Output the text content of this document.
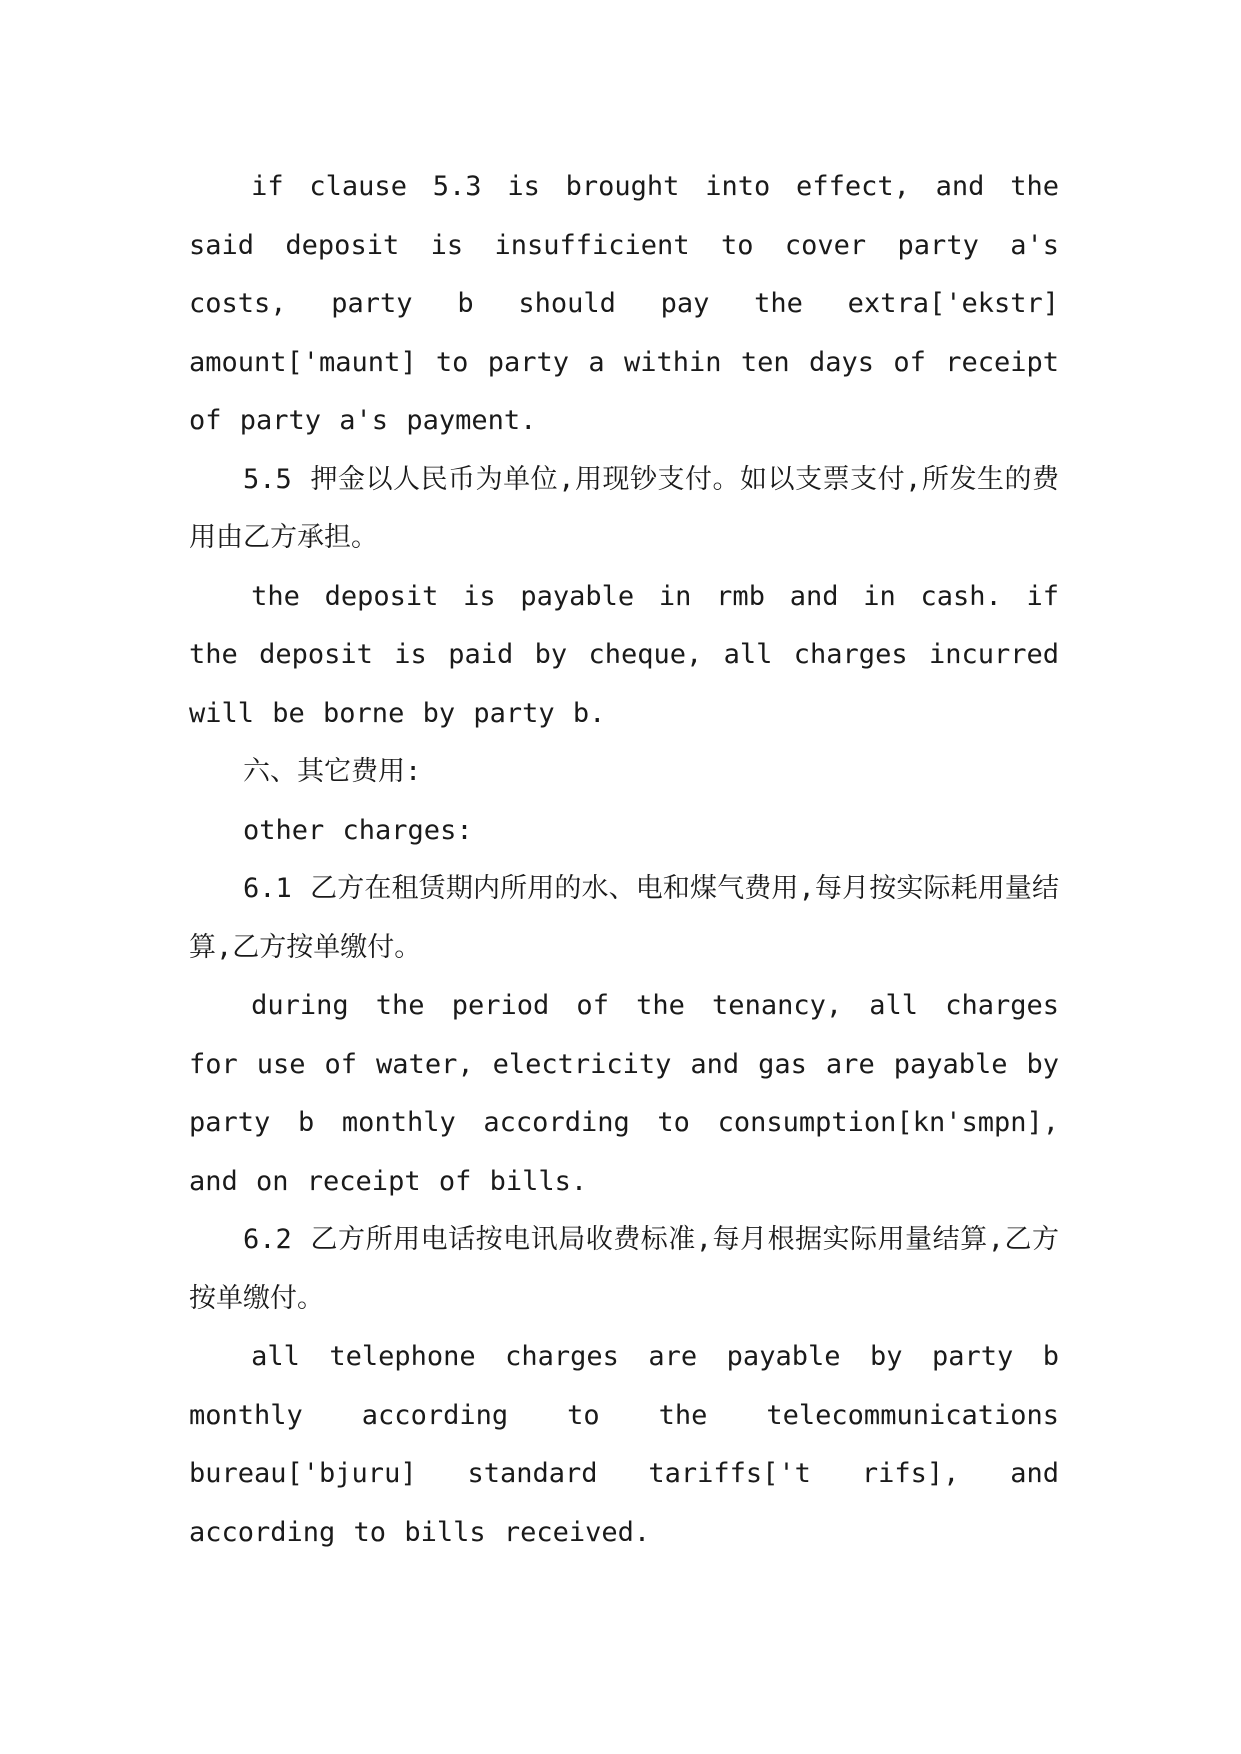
if clause 5.3 is brought into effect, and the said deposit is insufficient to cover party a's costs, party b should pay the extra['ekstr] amount['maunt] to party a within ten days of receipt of party a's payment.

5.5 押金以人民币为单位,用现钞支付。如以支票支付,所发生的费用由乙方承担。

the deposit is payable in rmb and in cash. if the deposit is paid by cheque, all charges incurred will be borne by party b.

六、其它费用:

other charges:

6.1 乙方在租赁期内所用的水、电和煤气费用,每月按实际耗用量结算,乙方按单缴付。

during the period of the tenancy, all charges for use of water, electricity and gas are payable by party b monthly according to consumption[kn'smpn], and on receipt of bills.

6.2 乙方所用电话按电讯局收费标准,每月根据实际用量结算,乙方按单缴付。

all telephone charges are payable by party b monthly according to the telecommunications bureau['bjuru] standard tariffs['t rifs], and according to bills received.
